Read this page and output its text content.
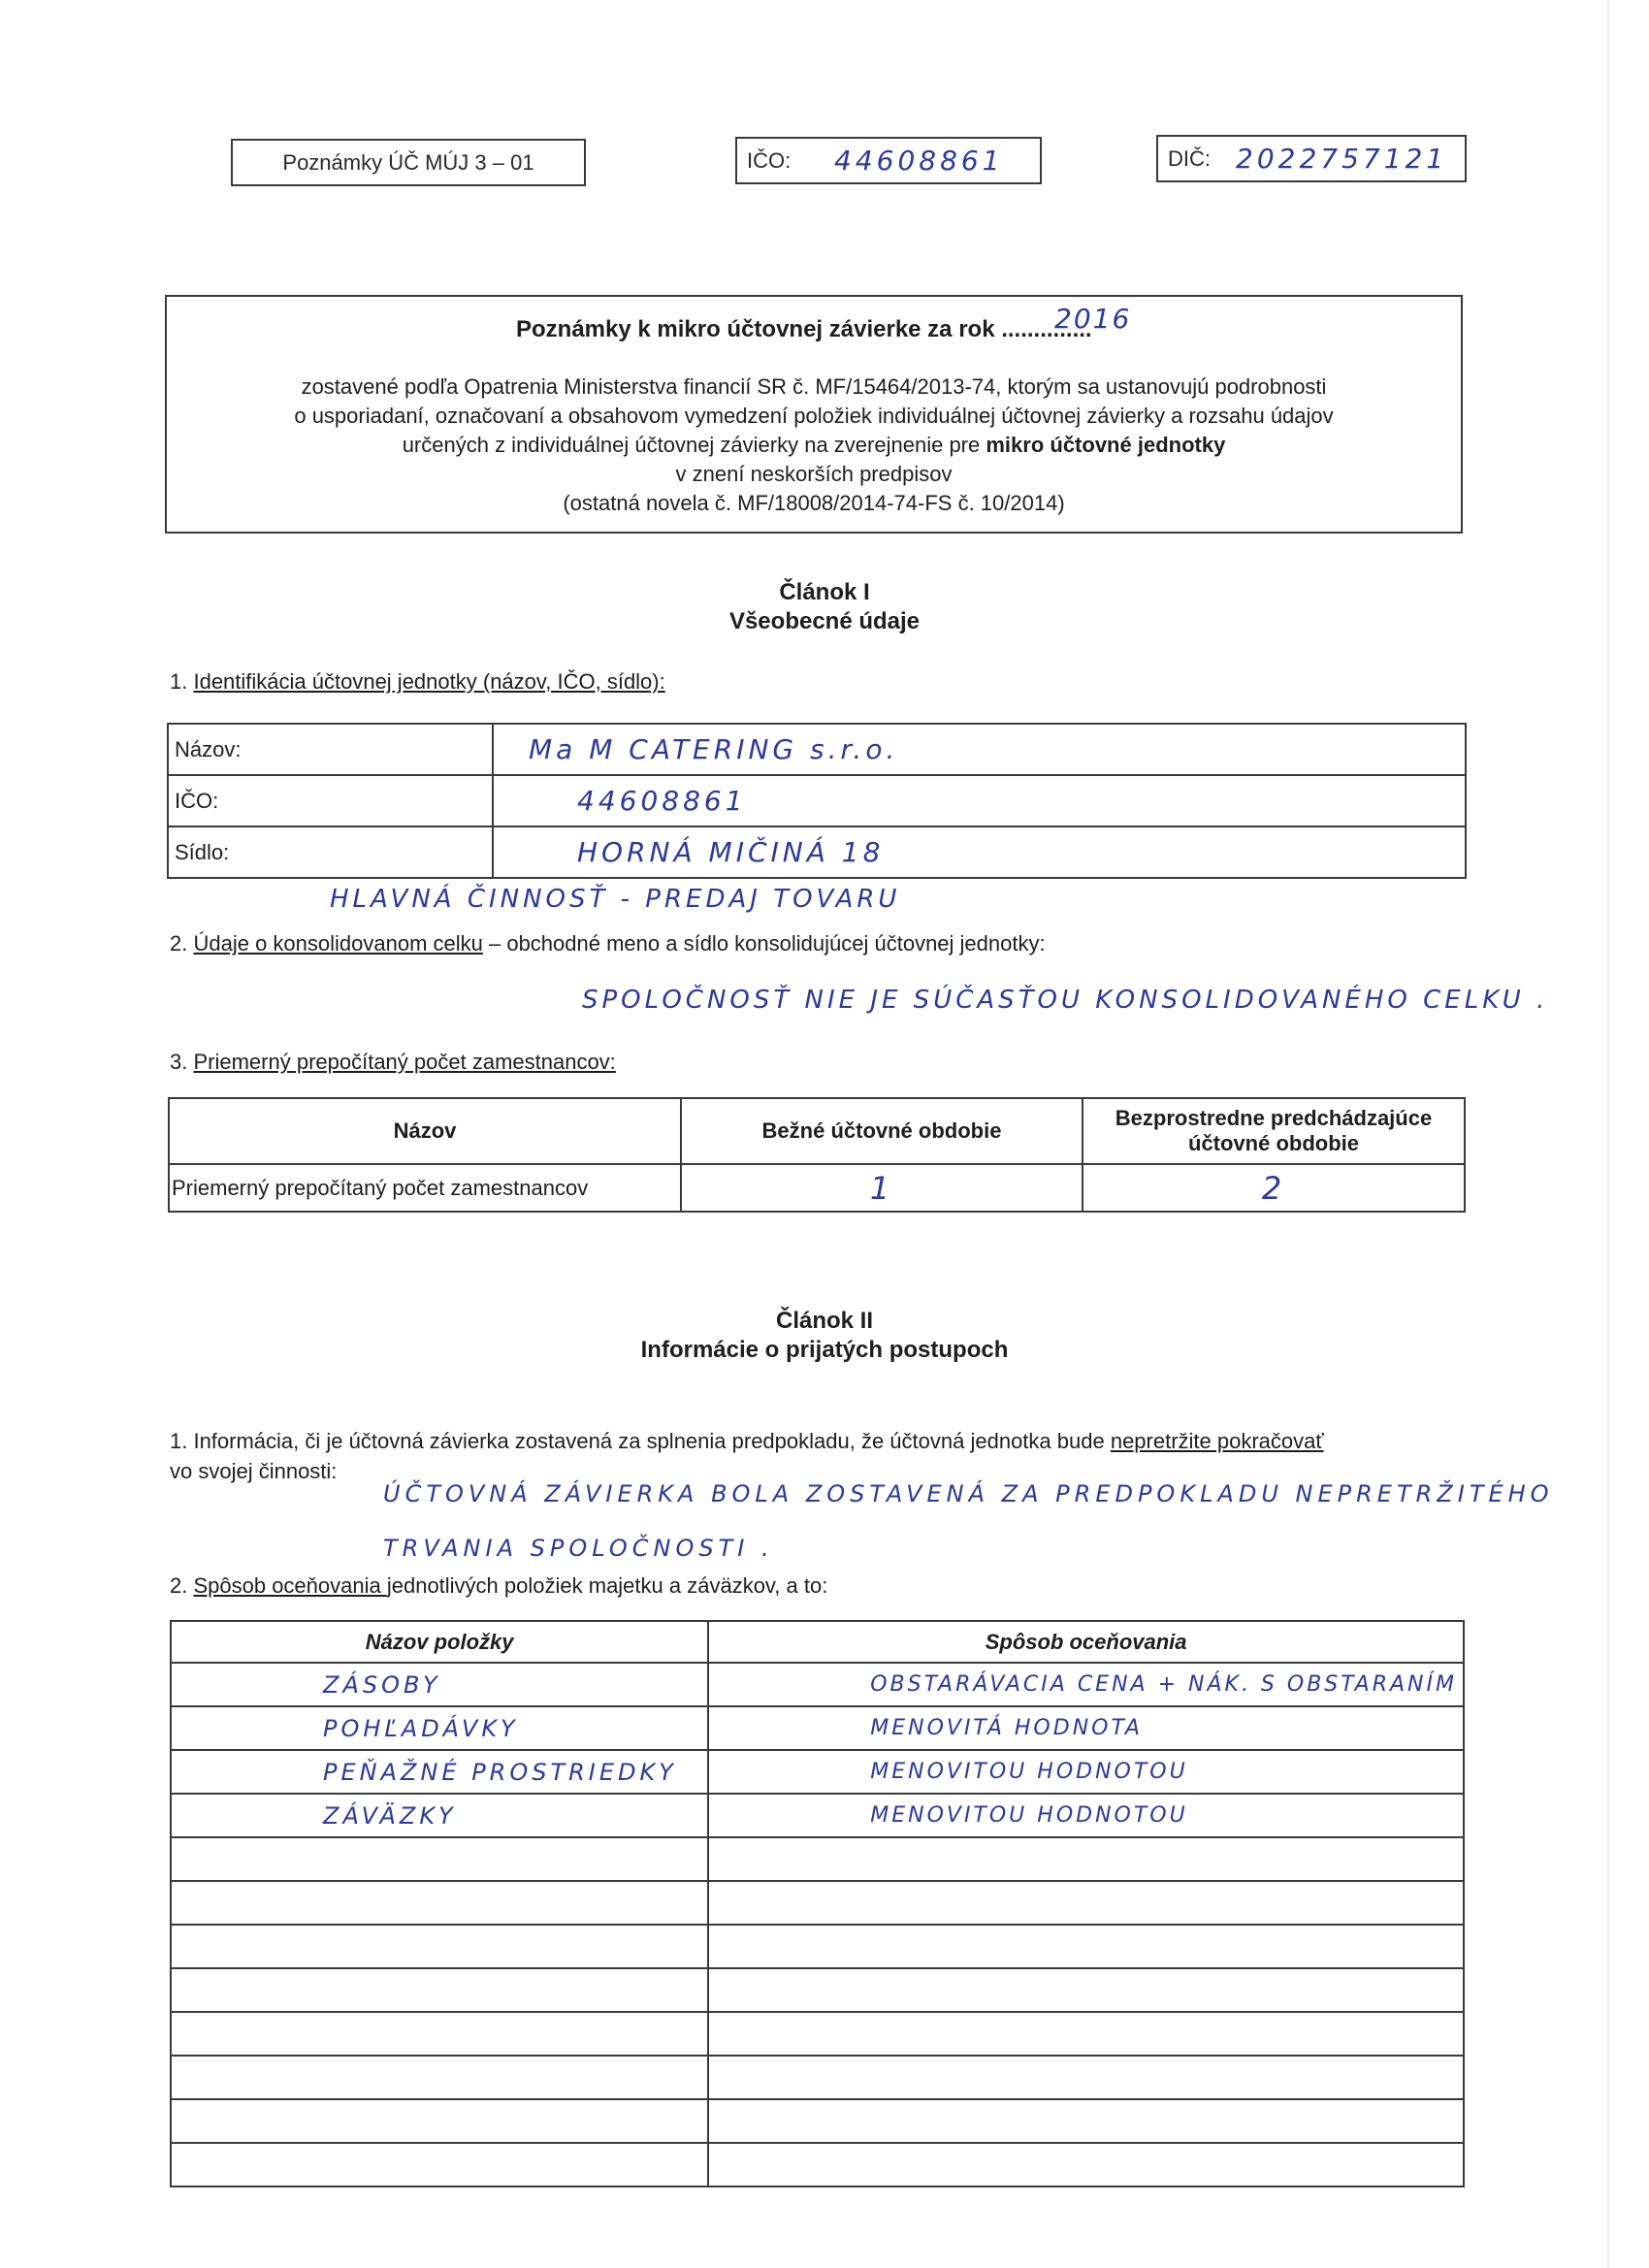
Poznámky ÚČ MÚJ 3 – 01	IČO: 44608861	DIČ: 2022757121
Poznámky k mikro účtovnej závierke za rok ..............
2016
zostavené podľa Opatrenia Ministerstva financií SR č. MF/15464/2013-74, ktorým sa ustanovujú podrobnosti
o usporiadaní, označovaní a obsahovom vymedzení položiek individuálnej účtovnej závierky a rozsahu údajov
určených z individuálnej účtovnej závierky na zverejnenie pre mikro účtovné jednotky
v znení neskorších predpisov
(ostatná novela č. MF/18008/2014-74-FS č. 10/2014)
Článok I
Všeobecné údaje
1. Identifikácia účtovnej jednotky (názov, IČO, sídlo):
Názov:	Ma M CATERING s.r.o.
IČO:	44608861
Sídlo:	HORNÁ MIČINÁ 18
HLAVNÁ ČINNOSŤ - PREDAJ TOVARU
2. Údaje o konsolidovanom celku – obchodné meno a sídlo konsolidujúcej účtovnej jednotky:
SPOLOČNOSŤ NIE JE SÚČASŤOU KONSOLIDOVANÉHO CELKU .
3. Priemerný prepočítaný počet zamestnancov:
Názov	Bežné účtovné obdobie	Bezprostredne predchádzajúce účtovné obdobie
Priemerný prepočítaný počet zamestnancov	1	2
Článok II
Informácie o prijatých postupoch
1. Informácia, či je účtovná závierka zostavená za splnenia predpokladu, že účtovná jednotka bude nepretržite pokračovať
vo svojej činnosti:
ÚČTOVNÁ ZÁVIERKA BOLA ZOSTAVENÁ ZA PREDPOKLADU NEPRETRŽITÉHO
TRVANIA SPOLOČNOSTI .
2. Spôsob oceňovania jednotlivých položiek majetku a záväzkov, a to:
Názov položky	Spôsob oceňovania
ZÁSOBY	OBSTARÁVACIA CENA + NÁK. S OBSTARANÍM
POHĽADÁVKY	MENOVITÁ HODNOTA
PEŇAŽNÉ PROSTRIEDKY	MENOVITOU HODNOTOU
ZÁVÄZKY	MENOVITOU HODNOTOU
